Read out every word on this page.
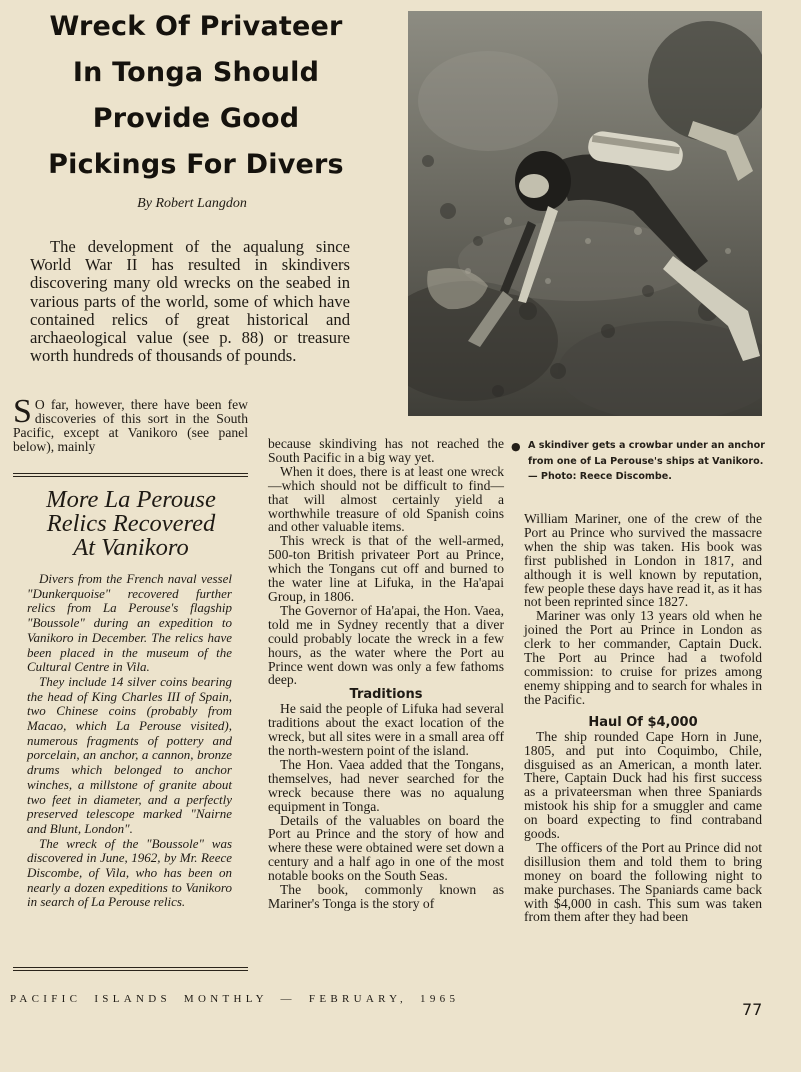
Wreck Of Privateer
In Tonga Should
Provide Good
Pickings For Divers
By Robert Langdon
The development of the aqualung since World War II has resulted in skindivers discovering many old wrecks on the seabed in various parts of the world, some of which have contained relics of great historical and archaeological value (see p. 88) or treasure worth hundreds of thousands of pounds.
● A skindiver gets a crowbar under an anchor from one of La Perouse's ships at Vanikoro. — Photo: Reece Discombe.

S O far, however, there have been few discoveries of this sort in the South Pacific, except at Vanikoro (see panel below), mainly

More La Perouse
Relics Recovered
At Vanikoro

Divers from the French naval vessel "Dunkerquoise" recovered further relics from La Perouse's flagship "Boussole" during an expedition to Vanikoro in December. The relics have been placed in the museum of the Cultural Centre in Vila.

They include 14 silver coins bearing the head of King Charles III of Spain, two Chinese coins (probably from Macao, which La Perouse visited), numerous fragments of pottery and porcelain, an anchor, a cannon, bronze drums which belonged to anchor winches, a millstone of granite about two feet in diameter, and a perfectly preserved telescope marked "Nairne and Blunt, London".

The wreck of the "Boussole" was discovered in June, 1962, by Mr. Reece Discombe, of Vila, who has been on nearly a dozen expeditions to Vanikoro in search of La Perouse relics.

because skindiving has not reached the South Pacific in a big way yet.

When it does, there is at least one wreck—which should not be difficult to find—that will almost certainly yield a worthwhile treasure of old Spanish coins and other valuable items.

This wreck is that of the well-armed, 500-ton British privateer Port au Prince, which the Tongans cut off and burned to the water line at Lifuka, in the Ha'apai Group, in 1806.

The Governor of Ha'apai, the Hon. Vaea, told me in Sydney recently that a diver could probably locate the wreck in a few hours, as the water where the Port au Prince went down was only a few fathoms deep.

Traditions

He said the people of Lifuka had several traditions about the exact location of the wreck, but all sites were in a small area off the north-western point of the island.

The Hon. Vaea added that the Tongans, themselves, had never searched for the wreck because there was no aqualung equipment in Tonga.

Details of the valuables on board the Port au Prince and the story of how and where these were obtained were set down a century and a half ago in one of the most notable books on the South Seas.

The book, commonly known as Mariner's Tonga is the story of

William Mariner, one of the crew of the Port au Prince who survived the massacre when the ship was taken. His book was first published in London in 1817, and although it is well known by reputation, few people these days have read it, as it has not been reprinted since 1827.

Mariner was only 13 years old when he joined the Port au Prince in London as clerk to her commander, Captain Duck. The Port au Prince had a twofold commission: to cruise for prizes among enemy shipping and to search for whales in the Pacific.

Haul Of $4,000

The ship rounded Cape Horn in June, 1805, and put into Coquimbo, Chile, disguised as an American, a month later. There, Captain Duck had his first success as a privateersman when three Spaniards mistook his ship for a smuggler and came on board expecting to find contraband goods.

The officers of the Port au Prince did not disillusion them and told them to bring money on board the following night to make purchases. The Spaniards came back with $4,000 in cash. This sum was taken from them after they had been

PACIFIC ISLANDS MONTHLY — FEBRUARY, 1965
77
